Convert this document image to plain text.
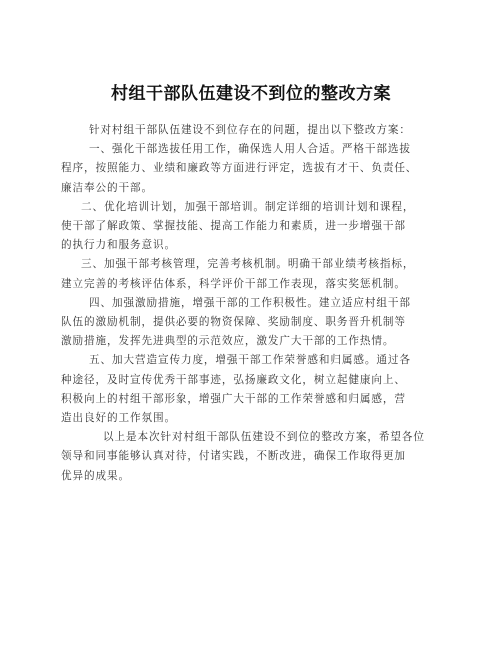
村组干部队伍建设不到位的整改方案

针对村组干部队伍建设不到位存在的问题，提出以下整改方案：

一、强化干部选拔任用工作，确保选人用人合适。严格干部选拔
程序，按照能力、业绩和廉政等方面进行评定，选拔有才干、负责任、
廉洁奉公的干部。

二、优化培训计划，加强干部培训。制定详细的培训计划和课程，
使干部了解政策、掌握技能、提高工作能力和素质，进一步增强干部
的执行力和服务意识。

三、加强干部考核管理，完善考核机制。明确干部业绩考核指标，
建立完善的考核评估体系，科学评价干部工作表现，落实奖惩机制。

四、加强激励措施，增强干部的工作积极性。建立适应村组干部
队伍的激励机制，提供必要的物资保障、奖励制度、职务晋升机制等
激励措施，发挥先进典型的示范效应，激发广大干部的工作热情。

五、加大营造宣传力度，增强干部工作荣誉感和归属感。通过各
种途径，及时宣传优秀干部事迹，弘扬廉政文化，树立起健康向上、
积极向上的村组干部形象，增强广大干部的工作荣誉感和归属感，营
造出良好的工作氛围。

以上是本次针对村组干部队伍建设不到位的整改方案，希望各位
领导和同事能够认真对待，付诸实践，不断改进，确保工作取得更加
优异的成果。
